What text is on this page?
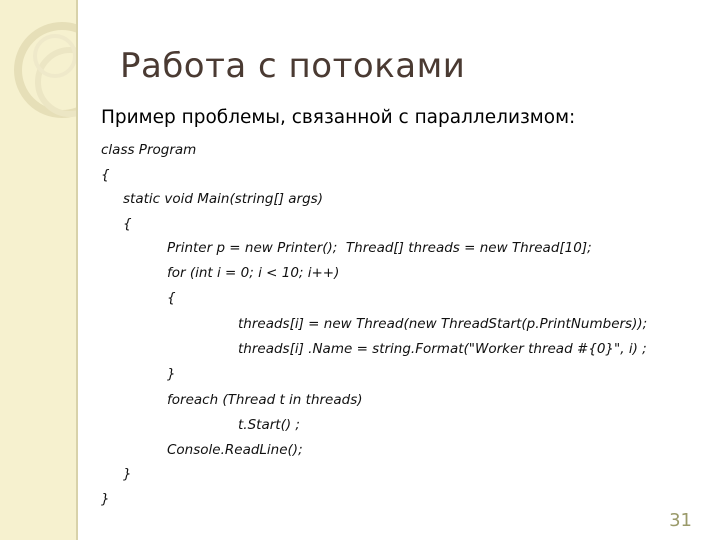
Работа с потоками
Пример проблемы, связанной с параллелизмом:
class Program
{
static void Main(string[] args)
{
Printer p = new Printer();  Thread[] threads = new Thread[10];
for (int i = 0; i < 10; i++)
{
threads[i] = new Thread(new ThreadStart(p.PrintNumbers));
threads[i] .Name = string.Format("Worker thread #{0}", i) ;
}
foreach (Thread t in threads)
t.Start() ;
Console.ReadLine();
}
}
31
